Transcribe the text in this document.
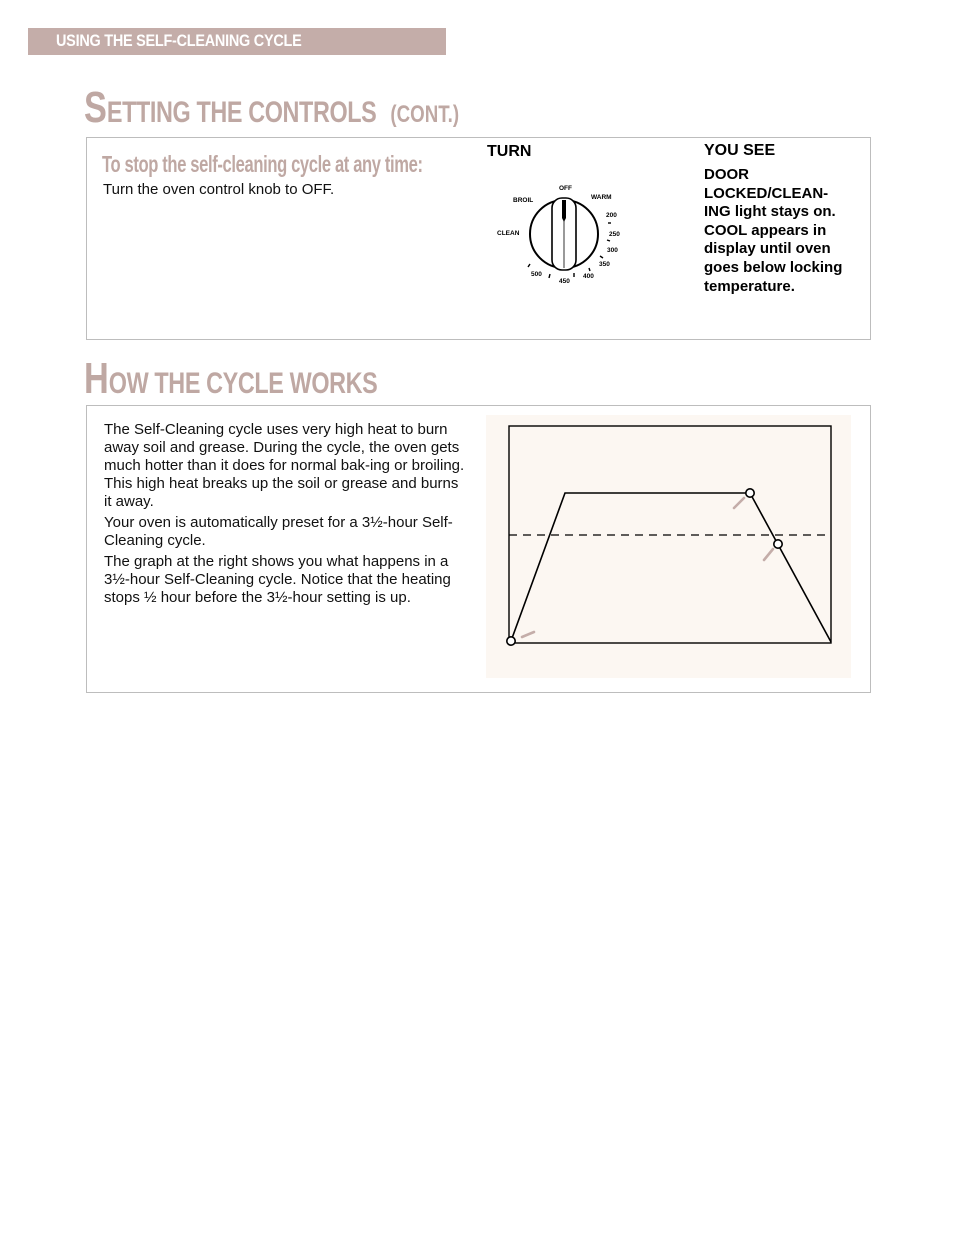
USING THE SELF-CLEANING CYCLE
SETTING THE CONTROLS (CONT.)
To stop the self-cleaning cycle at any time:
Turn the oven control knob to OFF.
TURN	YOU SEE
DOOR LOCKED/CLEAN-ING light stays on. COOL appears in display until oven goes below locking temperature.
OFF
WARM
BROIL
CLEAN
200
250
300
350
400
450
500
HOW THE CYCLE WORKS

The Self-Cleaning cycle uses very high heat to burn away soil and grease. During the cycle, the oven gets much hotter than it does for normal bak-ing or broiling. This high heat breaks up the soil or grease and burns it away.

Your oven is automatically preset for a 3½-hour Self-Cleaning cycle.

The graph at the right shows you what happens in a 3½-hour Self-Cleaning cycle. Notice that the heating stops ½ hour before the 3½-hour setting is up.
